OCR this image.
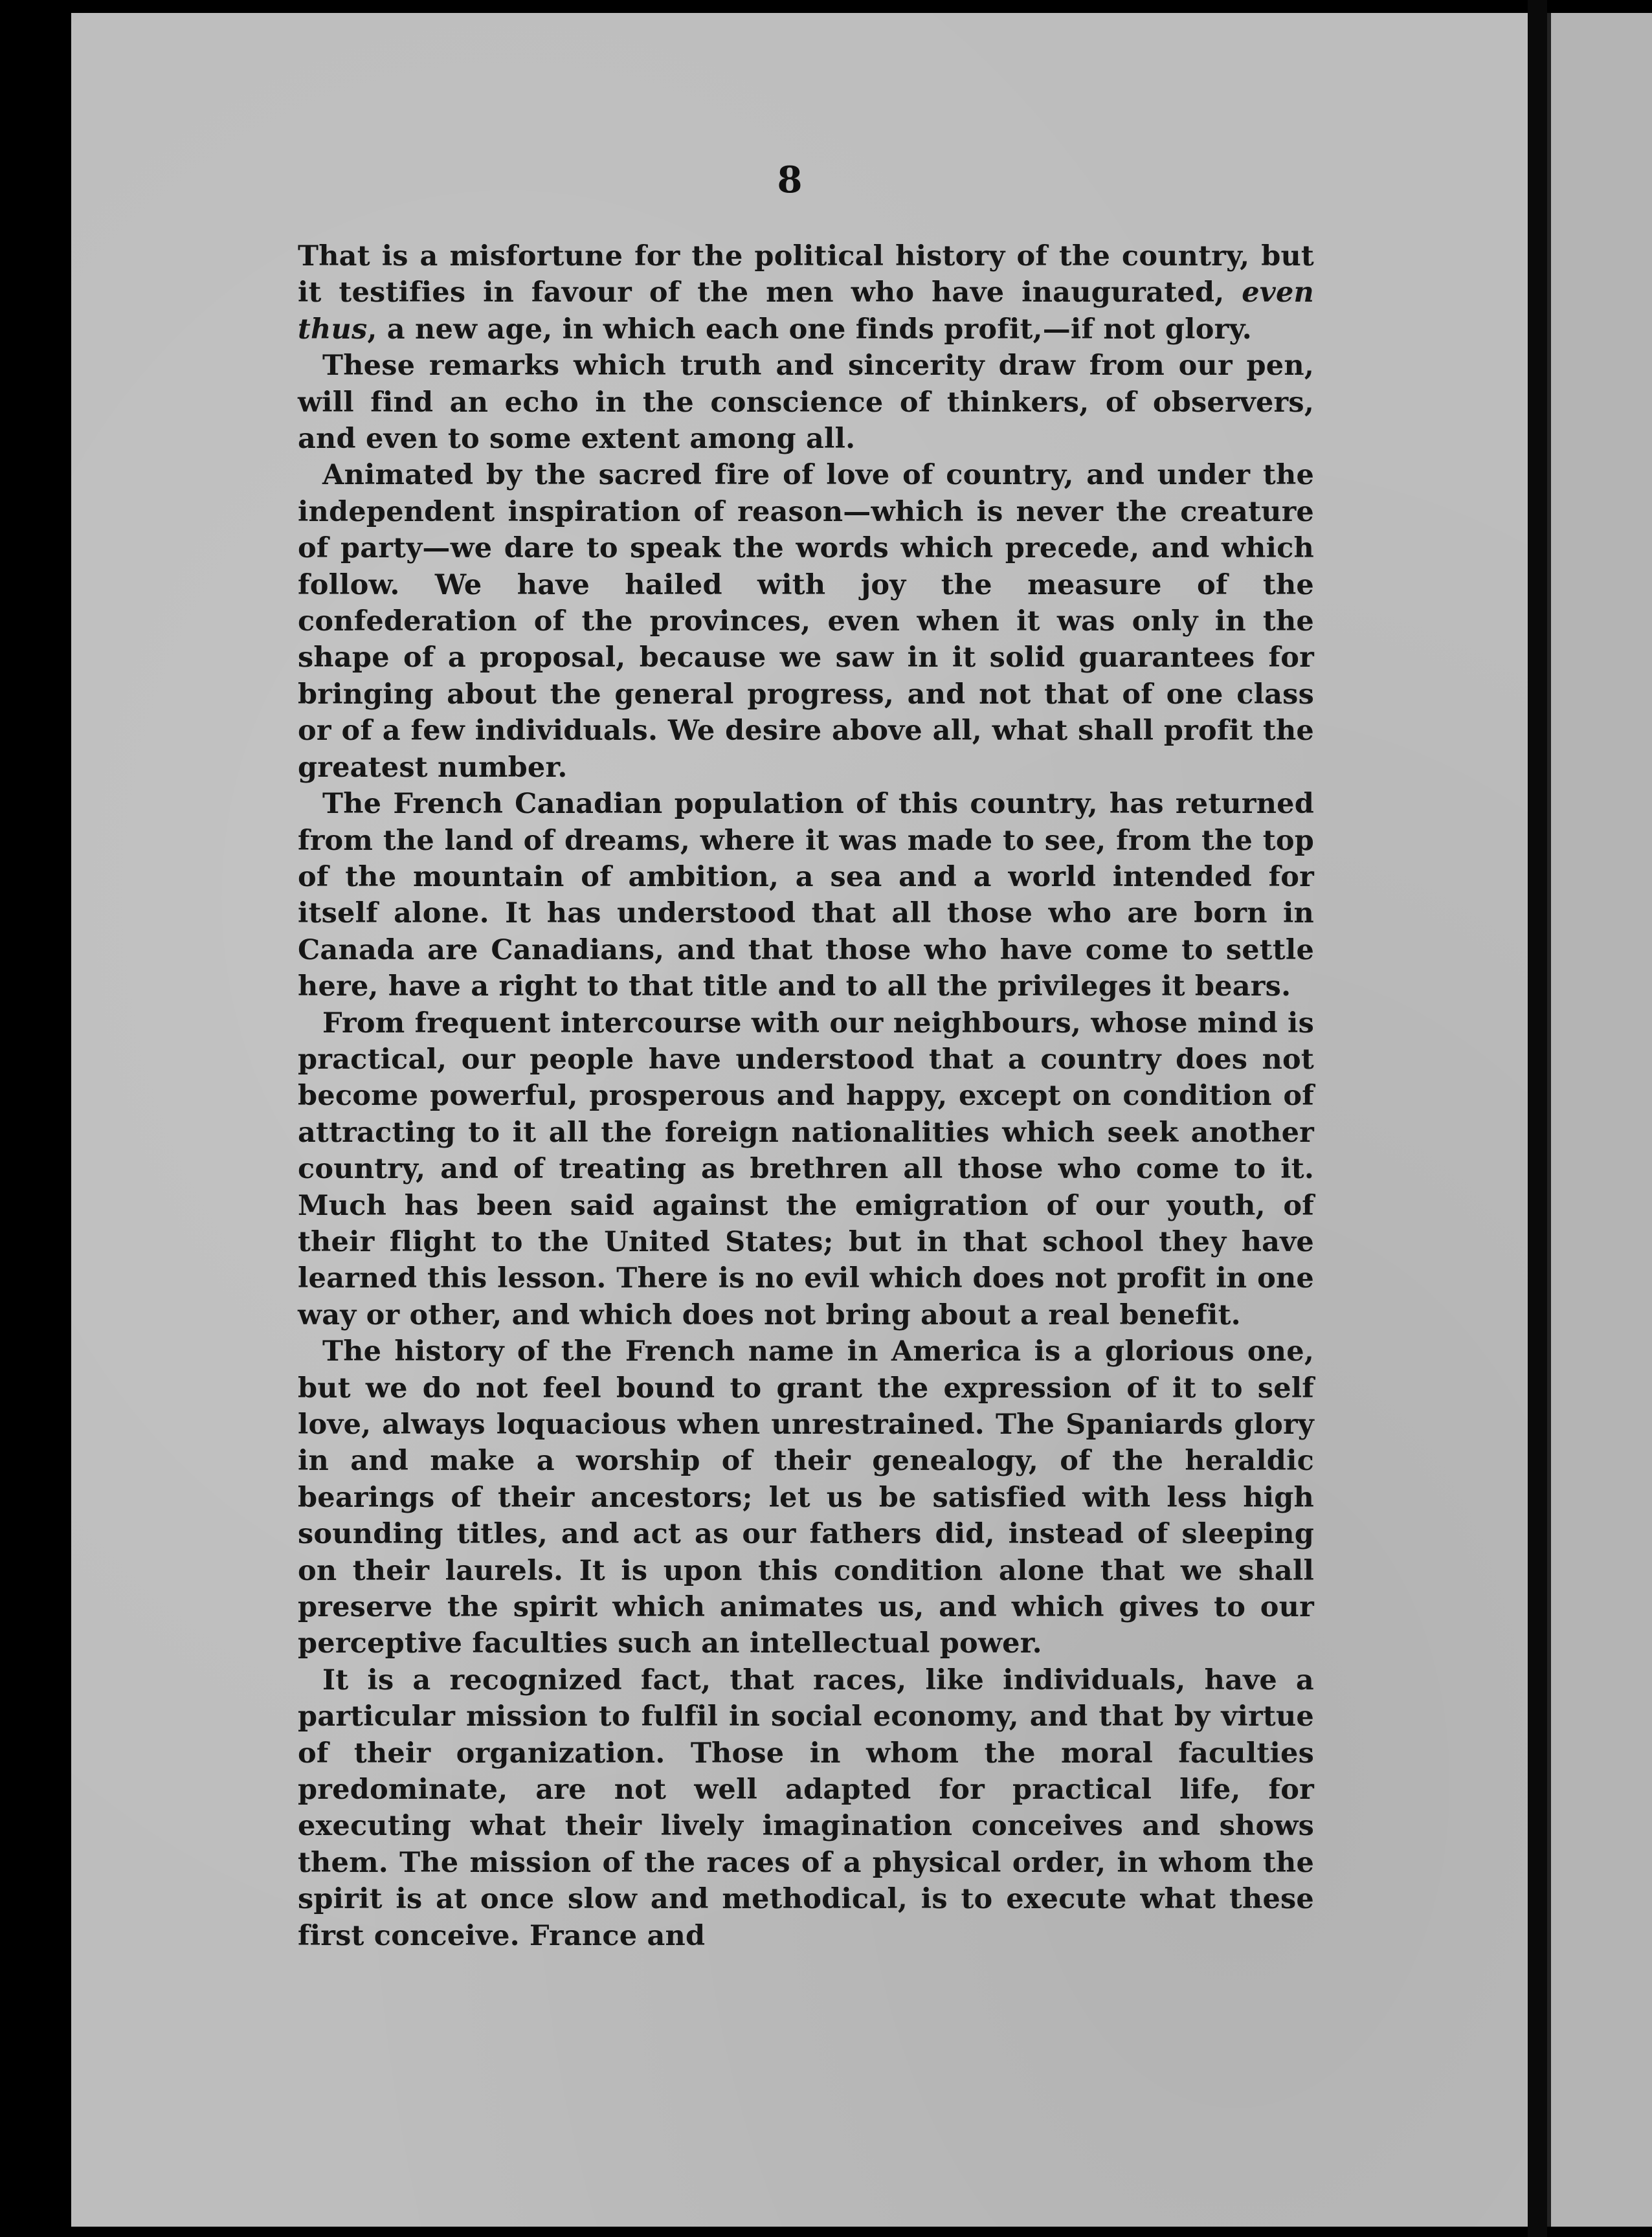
8

That is a misfortune for the political history of the country, but it testifies in favour of the men who have inaugurated, even thus, a new age, in which each one finds profit,—if not glory.

These remarks which truth and sincerity draw from our pen, will find an echo in the conscience of thinkers, of observers, and even to some extent among all.

Animated by the sacred fire of love of country, and under the independent inspiration of reason—which is never the creature of party—we dare to speak the words which precede, and which follow. We have hailed with joy the measure of the confederation of the provinces, even when it was only in the shape of a proposal, because we saw in it solid guarantees for bringing about the general progress, and not that of one class or of a few individuals. We desire above all, what shall profit the greatest number.

The French Canadian population of this country, has returned from the land of dreams, where it was made to see, from the top of the mountain of ambition, a sea and a world intended for itself alone. It has understood that all those who are born in Canada are Canadians, and that those who have come to settle here, have a right to that title and to all the privileges it bears.

From frequent intercourse with our neighbours, whose mind is practical, our people have understood that a country does not become powerful, prosperous and happy, except on condition of attracting to it all the foreign nationalities which seek another country, and of treating as brethren all those who come to it. Much has been said against the emigration of our youth, of their flight to the United States; but in that school they have learned this lesson. There is no evil which does not profit in one way or other, and which does not bring about a real benefit.

The history of the French name in America is a glorious one, but we do not feel bound to grant the expression of it to self love, always loquacious when unrestrained. The Spaniards glory in and make a worship of their genealogy, of the heraldic bearings of their ancestors; let us be satisfied with less high sounding titles, and act as our fathers did, instead of sleeping on their laurels. It is upon this condition alone that we shall preserve the spirit which animates us, and which gives to our perceptive faculties such an intellectual power.

It is a recognized fact, that races, like individuals, have a particular mission to fulfil in social economy, and that by virtue of their organization. Those in whom the moral faculties predominate, are not well adapted for practical life, for executing what their lively imagination conceives and shows them. The mission of the races of a physical order, in whom the spirit is at once slow and methodical, is to execute what these first conceive. France and
